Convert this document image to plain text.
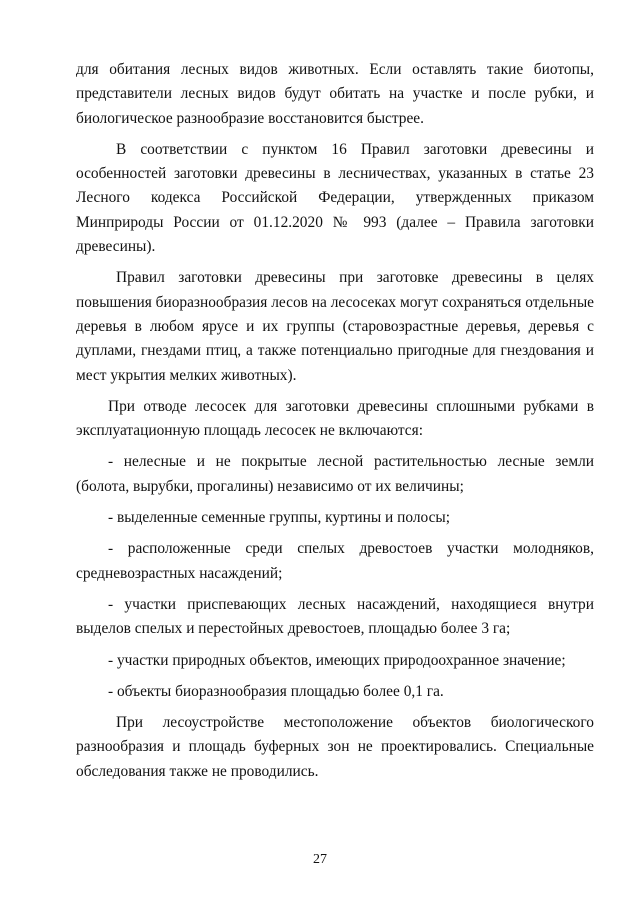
для обитания лесных видов животных. Если оставлять такие биотопы, представители лесных видов будут обитать на участке и после рубки, и биологическое разнообразие восстановится быстрее.

В соответствии с пунктом 16 Правил заготовки древесины и особенностей заготовки древесины в лесничествах, указанных в статье 23 Лесного кодекса Российской Федерации, утвержденных приказом Минприроды России от 01.12.2020 № 993 (далее – Правила заготовки древесины).

Правил заготовки древесины при заготовке древесины в целях повышения биоразнообразия лесов на лесосеках могут сохраняться отдельные деревья в любом ярусе и их группы (старовозрастные деревья, деревья с дуплами, гнездами птиц, а также потенциально пригодные для гнездования и мест укрытия мелких животных).

При отводе лесосек для заготовки древесины сплошными рубками в эксплуатационную площадь лесосек не включаются:

- нелесные и не покрытые лесной растительностью лесные земли (болота, вырубки, прогалины) независимо от их величины;

- выделенные семенные группы, куртины и полосы;

- расположенные среди спелых древостоев участки молодняков, средневозрастных насаждений;

- участки приспевающих лесных насаждений, находящиеся внутри выделов спелых и перестойных древостоев, площадью более 3 га;

- участки природных объектов, имеющих природоохранное значение;

- объекты биоразнообразия площадью более 0,1 га.

При лесоустройстве местоположение объектов биологического разнообразия и площадь буферных зон не проектировались. Специальные обследования также не проводились.

27
